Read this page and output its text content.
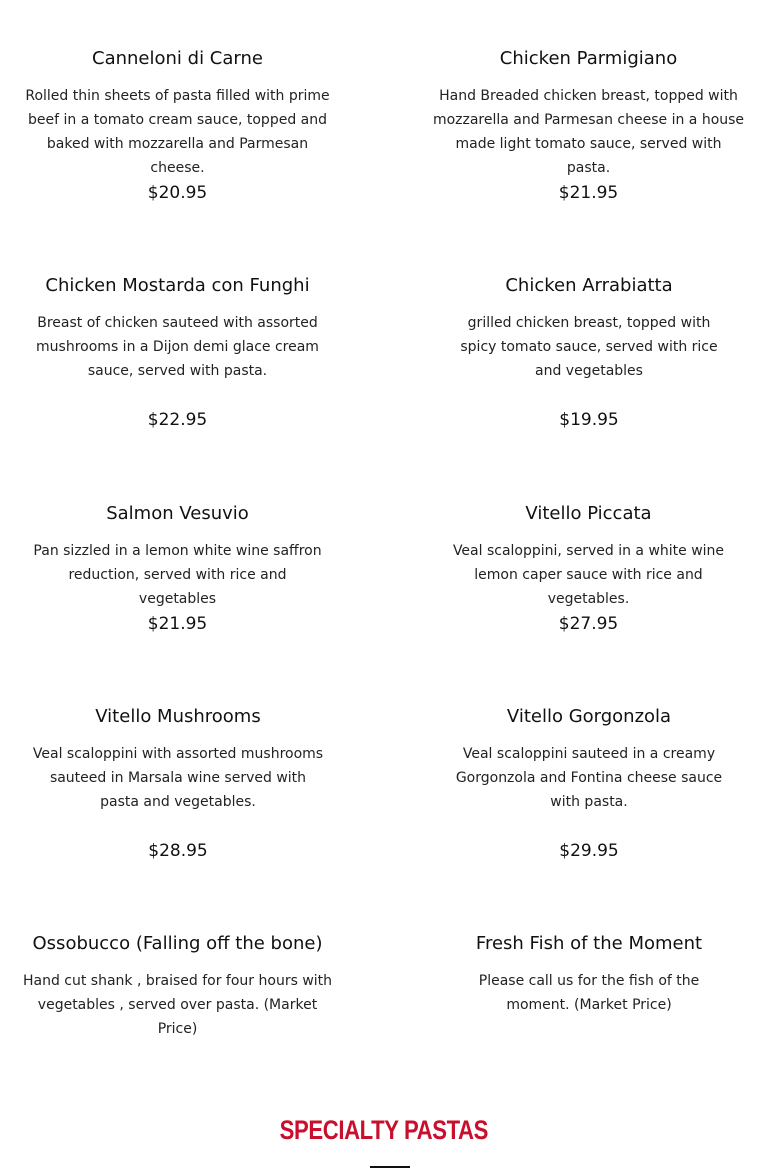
Canneloni di Carne

Rolled thin sheets of pasta filled with prime beef in a tomato cream sauce, topped and baked with mozzarella and Parmesan cheese.

$20.95

Chicken Parmigiano

Hand Breaded chicken breast, topped with mozzarella and Parmesan cheese in a house made light tomato sauce, served with pasta.

$21.95

Chicken Mostarda con Funghi

Breast of chicken sauteed with assorted mushrooms in a Dijon demi glace cream sauce, served with pasta.

$22.95

Chicken Arrabiatta

grilled chicken breast, topped with spicy tomato sauce, served with rice and vegetables

$19.95

Salmon Vesuvio

Pan sizzled in a lemon white wine saffron reduction, served with rice and vegetables

$21.95

Vitello Piccata

Veal scaloppini, served in a white wine lemon caper sauce with rice and vegetables.

$27.95

Vitello Mushrooms

Veal scaloppini with assorted mushrooms sauteed in Marsala wine served with pasta and vegetables.

$28.95

Vitello Gorgonzola

Veal scaloppini sauteed in a creamy Gorgonzola and Fontina cheese sauce with pasta.

$29.95

Ossobucco (Falling off the bone)

Hand cut shank , braised for four hours with vegetables , served over pasta. (Market Price)

Fresh Fish of the Moment

Please call us for the fish of the moment. (Market Price)

SPECIALTY PASTAS
